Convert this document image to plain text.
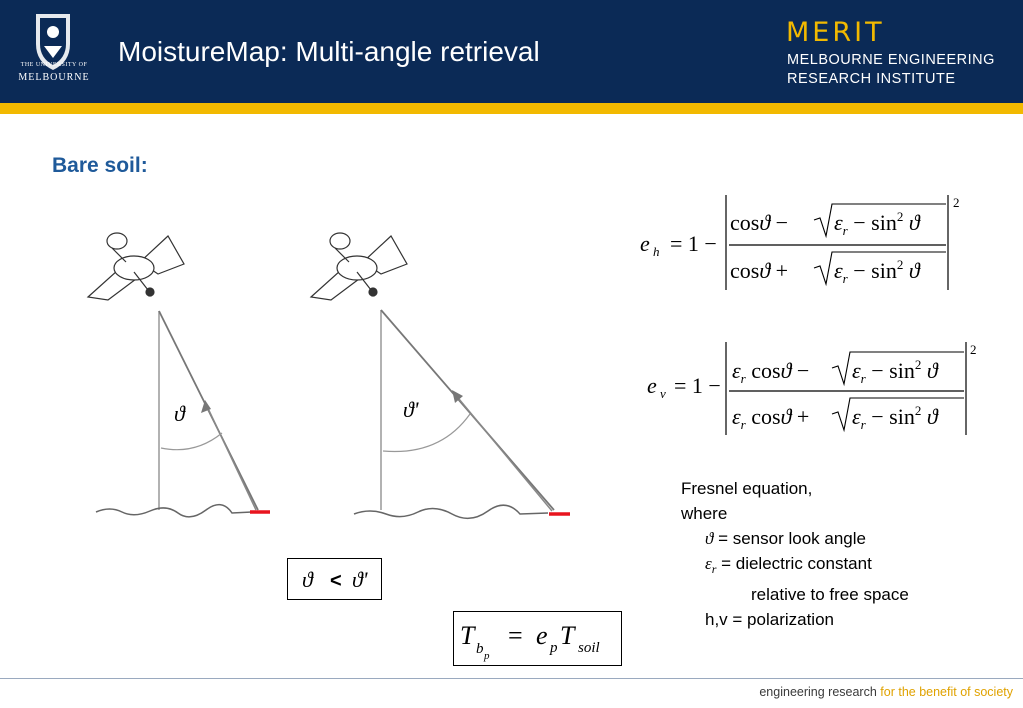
THE UNIVERSITY OF
MELBOURNE
MoistureMap: Multi-angle retrieval
MERIT
MELBOURNE ENGINEERING
RESEARCH INSTITUTE
Bare soil:
ϑ	ϑ'
e h = 1 −
2
$\cos ϑ - \varepsilon_r - \sin^2 ϑ$
$\cos ϑ + \varepsilon_r - \sin^2 ϑ$
e v = 1 −
2
$\varepsilon_r$ $\cos ϑ - \varepsilon_r - \sin^2 ϑ$
$\varepsilon_r$ $\cos ϑ + \varepsilon_r - \sin^2 ϑ$
ϑ < ϑ'
T b p
= e p T soil
Fresnel equation,
where
ϑ = sensor look angle
$\varepsilon_r$ = dielectric constant
relative to free space
h,v = polarization
engineering research for the benefit of society
